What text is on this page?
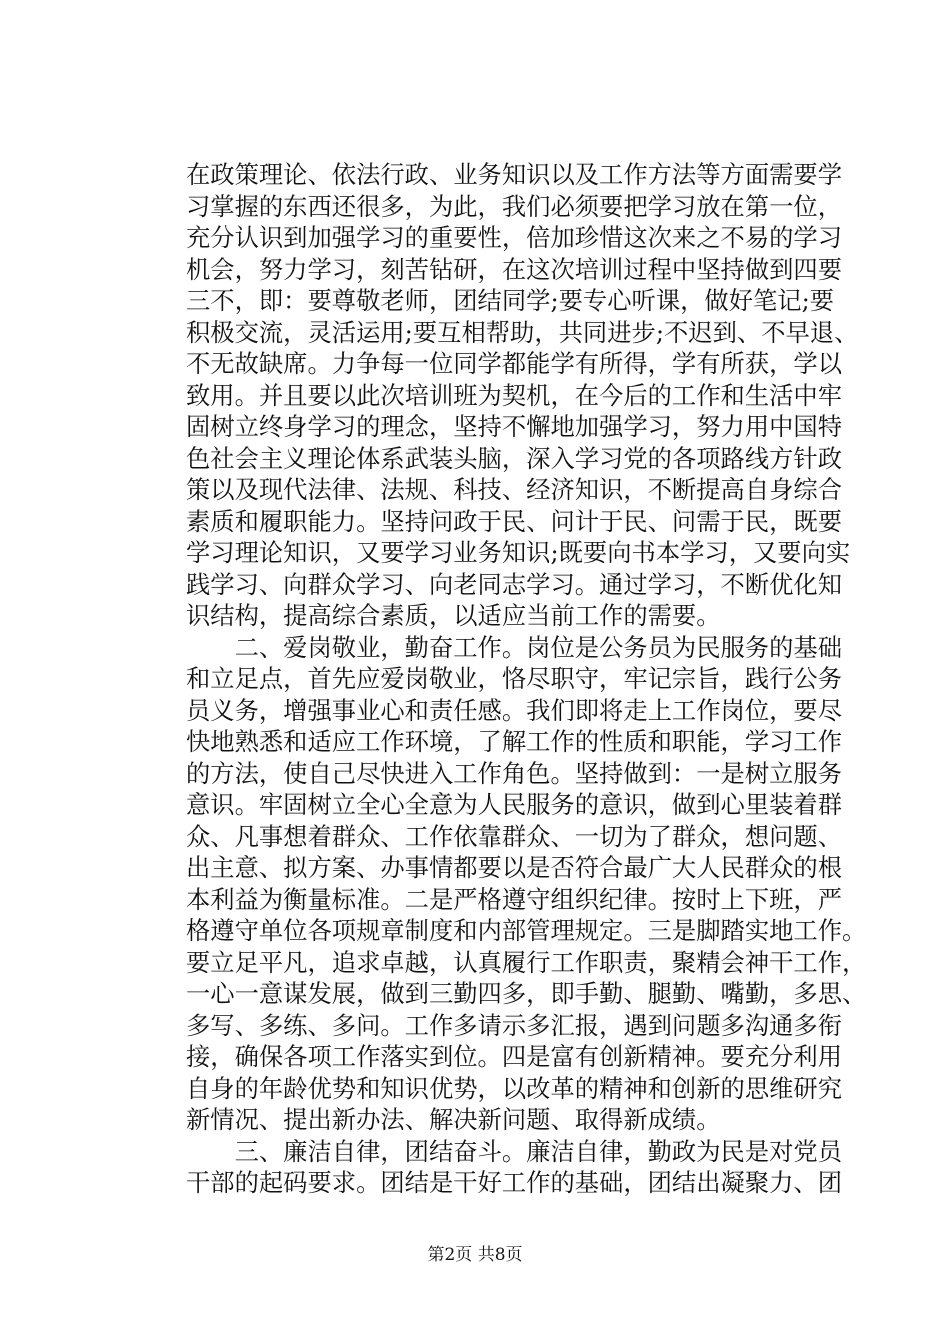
在政策理论、依法行政、业务知识以及工作方法等方面需要学
习掌握的东西还很多，为此，我们必须要把学习放在第一位，
充分认识到加强学习的重要性，倍加珍惜这次来之不易的学习
机会，努力学习，刻苦钻研，在这次培训过程中坚持做到四要
三不，即：要尊敬老师，团结同学;要专心听课，做好笔记;要
积极交流，灵活运用;要互相帮助，共同进步;不迟到、不早退、
不无故缺席。力争每一位同学都能学有所得，学有所获，学以
致用。并且要以此次培训班为契机，在今后的工作和生活中牢
固树立终身学习的理念，坚持不懈地加强学习，努力用中国特
色社会主义理论体系武装头脑，深入学习党的各项路线方针政
策以及现代法律、法规、科技、经济知识，不断提高自身综合
素质和履职能力。坚持问政于民、问计于民、问需于民，既要
学习理论知识，又要学习业务知识;既要向书本学习，又要向实
践学习、向群众学习、向老同志学习。通过学习，不断优化知
识结构，提高综合素质，以适应当前工作的需要。
　　二、爱岗敬业，勤奋工作。岗位是公务员为民服务的基础
和立足点，首先应爱岗敬业，恪尽职守，牢记宗旨，践行公务
员义务，增强事业心和责任感。我们即将走上工作岗位，要尽
快地熟悉和适应工作环境，了解工作的性质和职能，学习工作
的方法，使自己尽快进入工作角色。坚持做到：一是树立服务
意识。牢固树立全心全意为人民服务的意识，做到心里装着群
众、凡事想着群众、工作依靠群众、一切为了群众，想问题、
出主意、拟方案、办事情都要以是否符合最广大人民群众的根
本利益为衡量标准。二是严格遵守组织纪律。按时上下班，严
格遵守单位各项规章制度和内部管理规定。三是脚踏实地工作。
要立足平凡，追求卓越，认真履行工作职责，聚精会神干工作，
一心一意谋发展，做到三勤四多，即手勤、腿勤、嘴勤，多思、
多写、多练、多问。工作多请示多汇报，遇到问题多沟通多衔
接，确保各项工作落实到位。四是富有创新精神。要充分利用
自身的年龄优势和知识优势，以改革的精神和创新的思维研究
新情况、提出新办法、解决新问题、取得新成绩。
　　三、廉洁自律，团结奋斗。廉洁自律，勤政为民是对党员
干部的起码要求。团结是干好工作的基础，团结出凝聚力、团
第2页 共8页
